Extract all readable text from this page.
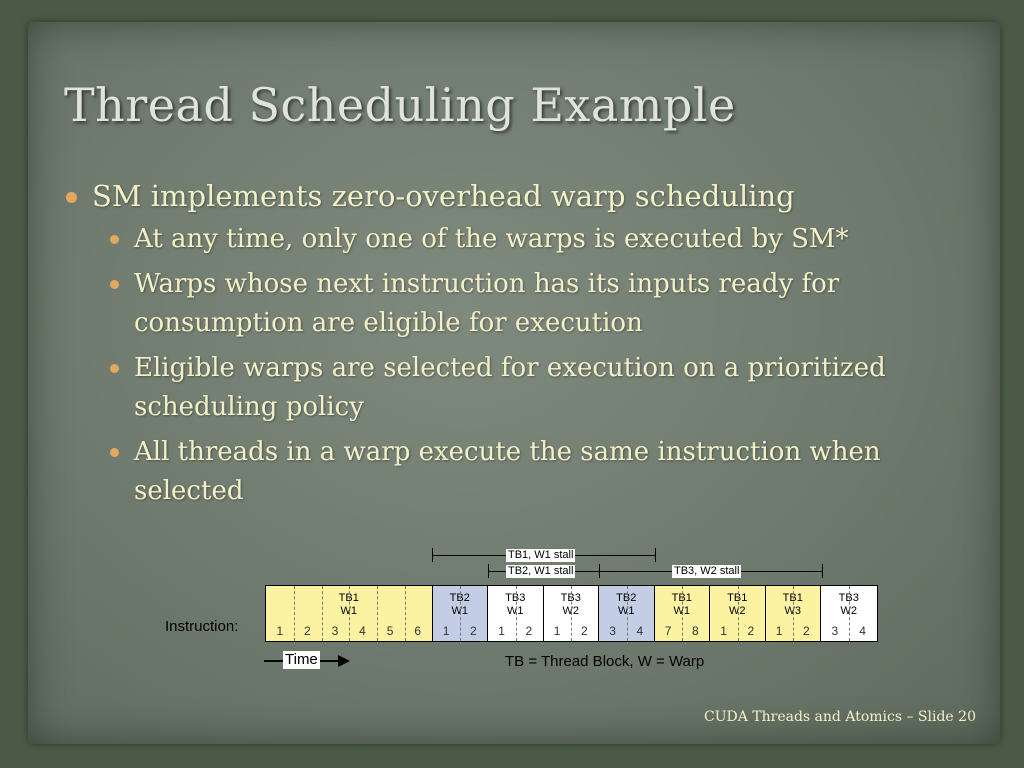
Thread Scheduling Example
SM implements zero-overhead warp scheduling
At any time, only one of the warps is executed by SM*
Warps whose next instruction has its inputs ready for consumption are eligible for execution
Eligible warps are selected for execution on a prioritized scheduling policy
All threads in a warp execute the same instruction when selected
TB1, W1 stall
TB2, W1 stall	TB3, W2 stall
TB1
W1
1	2	3	4	5	6
TB2
W1
1	2
TB3
W1
1	2
TB3
W2
1	2
TB2
W1
3	4
TB1
W1
7	8
TB1
W2
1	2
TB1
W3
1	2
TB3
W2
3	4
Instruction:
Time	TB = Thread Block, W = Warp
CUDA Threads and Atomics – Slide 20
